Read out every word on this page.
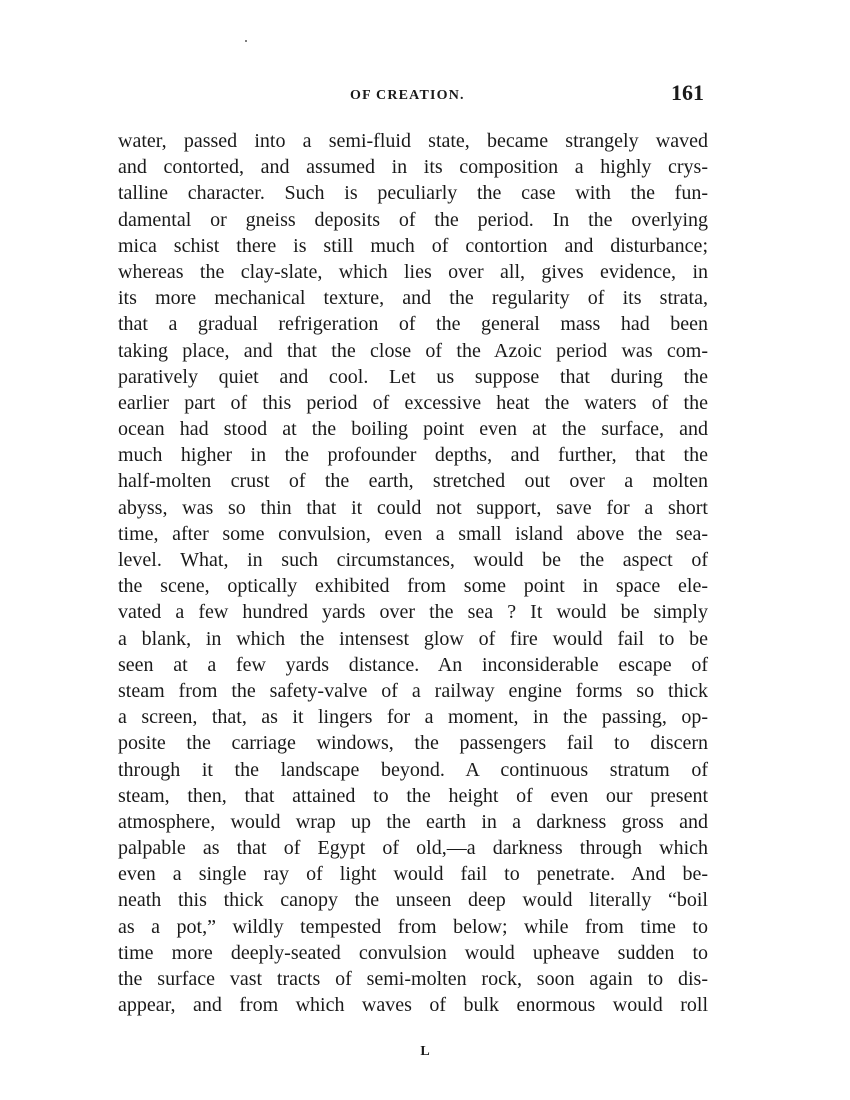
OF CREATION.	161
water, passed into a semi-fluid state, became strangely waved
and contorted, and assumed in its composition a highly crys-
talline character. Such is peculiarly the case with the fun-
damental or gneiss deposits of the period. In the overlying
mica schist there is still much of contortion and disturbance;
whereas the clay-slate, which lies over all, gives evidence, in
its more mechanical texture, and the regularity of its strata,
that a gradual refrigeration of the general mass had been
taking place, and that the close of the Azoic period was com-
paratively quiet and cool. Let us suppose that during the
earlier part of this period of excessive heat the waters of the
ocean had stood at the boiling point even at the surface, and
much higher in the profounder depths, and further, that the
half-molten crust of the earth, stretched out over a molten
abyss, was so thin that it could not support, save for a short
time, after some convulsion, even a small island above the sea-
level. What, in such circumstances, would be the aspect of
the scene, optically exhibited from some point in space ele-
vated a few hundred yards over the sea ? It would be simply
a blank, in which the intensest glow of fire would fail to be
seen at a few yards distance. An inconsiderable escape of
steam from the safety-valve of a railway engine forms so thick
a screen, that, as it lingers for a moment, in the passing, op-
posite the carriage windows, the passengers fail to discern
through it the landscape beyond. A continuous stratum of
steam, then, that attained to the height of even our present
atmosphere, would wrap up the earth in a darkness gross and
palpable as that of Egypt of old,—a darkness through which
even a single ray of light would fail to penetrate. And be-
neath this thick canopy the unseen deep would literally “boil
as a pot,” wildly tempested from below; while from time to
time more deeply-seated convulsion would upheave sudden to
the surface vast tracts of semi-molten rock, soon again to dis-
appear, and from which waves of bulk enormous would roll
L
